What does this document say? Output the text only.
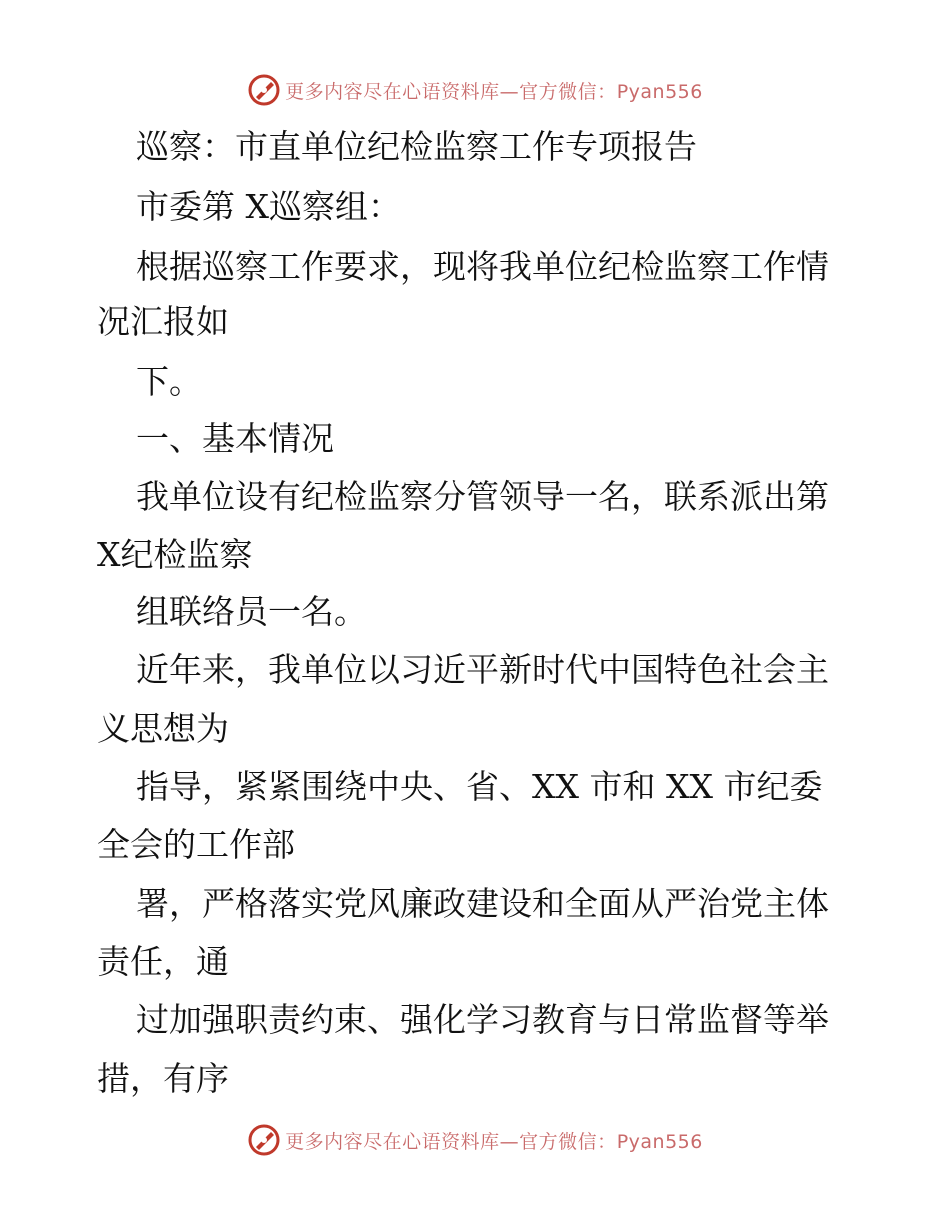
更多内容尽在心语资料库—官方微信：Pyan556
巡察：市直单位纪检监察工作专项报告
市委第 X巡察组：
根据巡察工作要求，现将我单位纪检监察工作情
况汇报如
下。
一、基本情况
我单位设有纪检监察分管领导一名，联系派出第
X纪检监察
组联络员一名。
近年来，我单位以习近平新时代中国特色社会主
义思想为
指导，紧紧围绕中央、省、XX 市和 XX 市纪委
全会的工作部
署，严格落实党风廉政建设和全面从严治党主体
责任，通
过加强职责约束、强化学习教育与日常监督等举
措，有序
更多内容尽在心语资料库—官方微信：Pyan556
